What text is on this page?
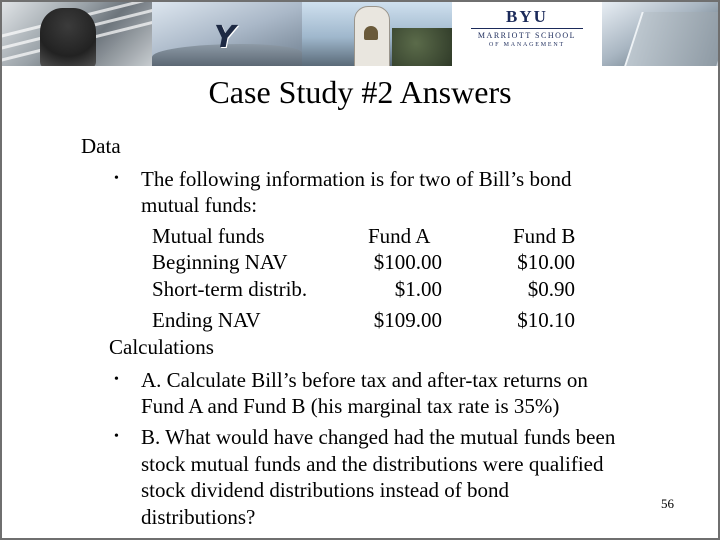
Y
BYU
MARRIOTT SCHOOL
OF MANAGEMENT
Case Study #2 Answers
Data
• The following information is for two of Bill’s bond
mutual funds:
Mutual funds	Fund A	Fund B
Beginning NAV	$100.00	$10.00
Short-term distrib.	$1.00	$0.90
Ending NAV	$109.00	$10.10
Calculations
• A. Calculate Bill’s before tax and after-tax returns on
Fund A and Fund B (his marginal tax rate is 35%)
• B. What would have changed had the mutual funds been
stock mutual funds and the distributions were qualified
stock dividend distributions instead of bond
distributions?
56
